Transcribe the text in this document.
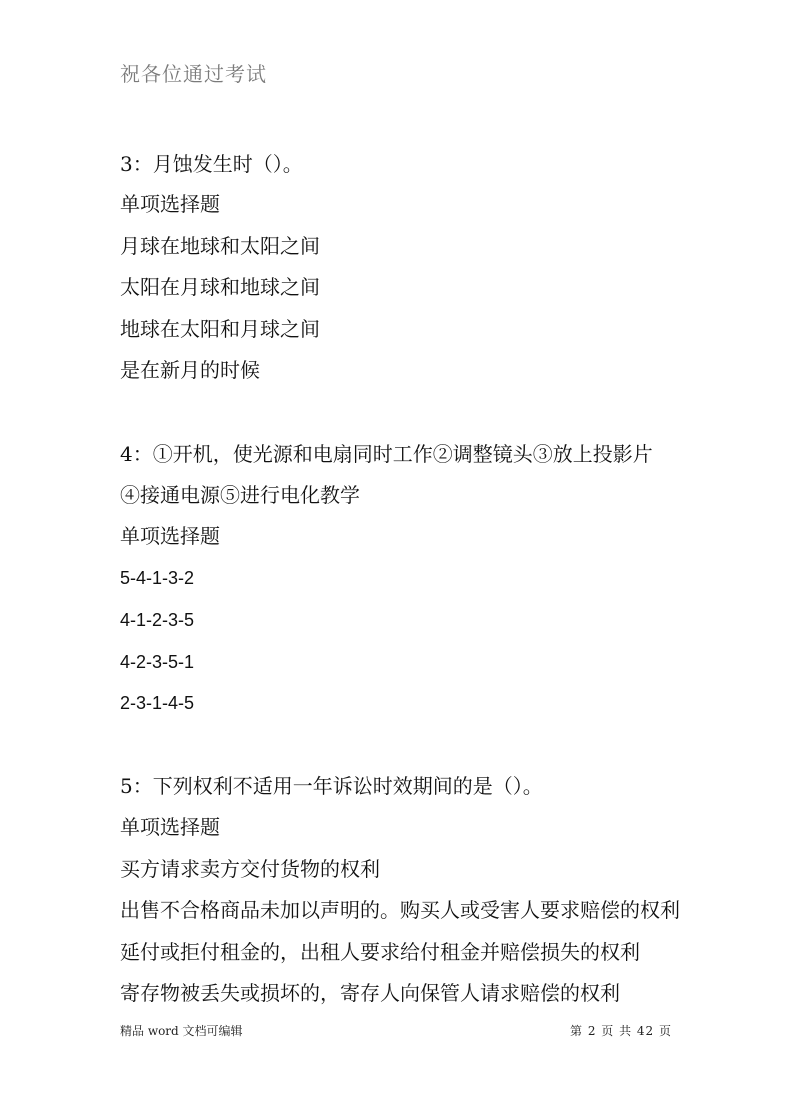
祝各位通过考试
3：月蚀发生时（）。
单项选择题
月球在地球和太阳之间
太阳在月球和地球之间
地球在太阳和月球之间
是在新月的时候
4：①开机，使光源和电扇同时工作②调整镜头③放上投影片
④接通电源⑤进行电化教学
单项选择题
5-4-1-3-2
4-1-2-3-5
4-2-3-5-1
2-3-1-4-5
5：下列权利不适用一年诉讼时效期间的是（）。
单项选择题
买方请求卖方交付货物的权利
出售不合格商品未加以声明的。购买人或受害人要求赔偿的权利
延付或拒付租金的，出租人要求给付租金并赔偿损失的权利
寄存物被丢失或损坏的，寄存人向保管人请求赔偿的权利
精品 word 文档可编辑	第 2 页 共 42 页
